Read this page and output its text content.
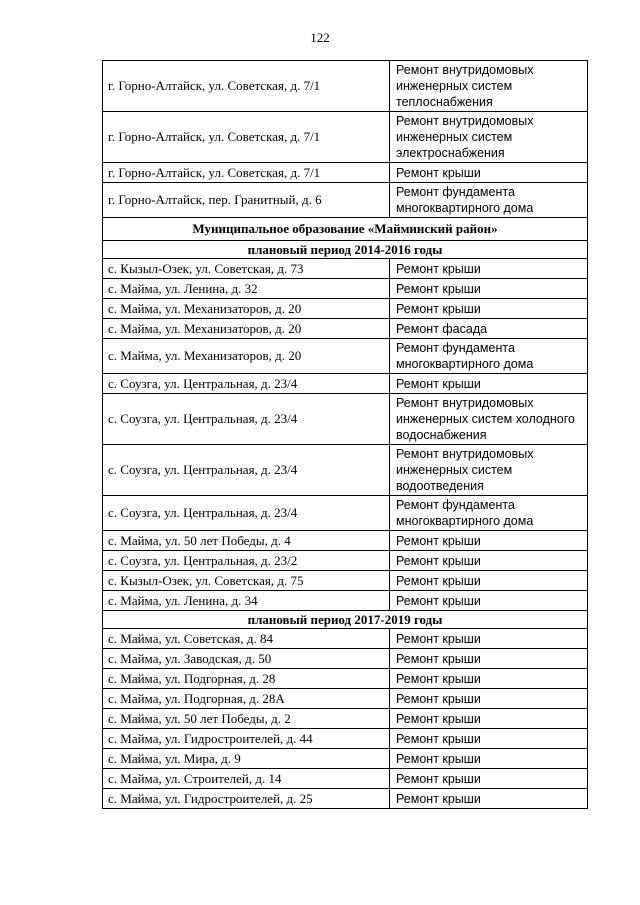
122
г. Горно-Алтайск, ул. Советская, д. 7/1	Ремонт внутридомовых инженерных систем теплоснабжения
г. Горно-Алтайск, ул. Советская, д. 7/1	Ремонт внутридомовых инженерных систем электроснабжения
г. Горно-Алтайск, ул. Советская, д. 7/1	Ремонт крыши
г. Горно-Алтайск, пер. Гранитный, д. 6	Ремонт фундамента многоквартирного дома
Муниципальное образование «Майминский район»	
плановый период 2014-2016 годы	
с. Кызыл-Озек, ул. Советская, д. 73	Ремонт крыши
с. Майма, ул. Ленина, д. 32	Ремонт крыши
с. Майма, ул. Механизаторов, д. 20	Ремонт крыши
с. Майма, ул. Механизаторов, д. 20	Ремонт фасада
с. Майма, ул. Механизаторов, д. 20	Ремонт фундамента многоквартирного дома
с. Соузга, ул. Центральная, д. 23/4	Ремонт крыши
с. Соузга, ул. Центральная, д. 23/4	Ремонт внутридомовых инженерных систем холодного водоснабжения
с. Соузга, ул. Центральная, д. 23/4	Ремонт внутридомовых инженерных систем водоотведения
с. Соузга, ул. Центральная, д. 23/4	Ремонт фундамента многоквартирного дома
с. Майма, ул. 50 лет Победы, д. 4	Ремонт крыши
с. Соузга, ул. Центральная, д. 23/2	Ремонт крыши
с. Кызыл-Озек, ул. Советская, д. 75	Ремонт крыши
с. Майма, ул. Ленина, д. 34	Ремонт крыши
плановый период 2017-2019 годы	
с. Майма, ул. Советская, д. 84	Ремонт крыши
с. Майма, ул. Заводская, д. 50	Ремонт крыши
с. Майма, ул. Подгорная, д. 28	Ремонт крыши
с. Майма, ул. Подгорная, д. 28А	Ремонт крыши
с. Майма, ул. 50 лет Победы, д. 2	Ремонт крыши
с. Майма, ул. Гидростроителей, д. 44	Ремонт крыши
с. Майма, ул. Мира, д. 9	Ремонт крыши
с. Майма, ул. Строителей, д. 14	Ремонт крыши
с. Майма, ул. Гидростроителей, д. 25	Ремонт крыши
